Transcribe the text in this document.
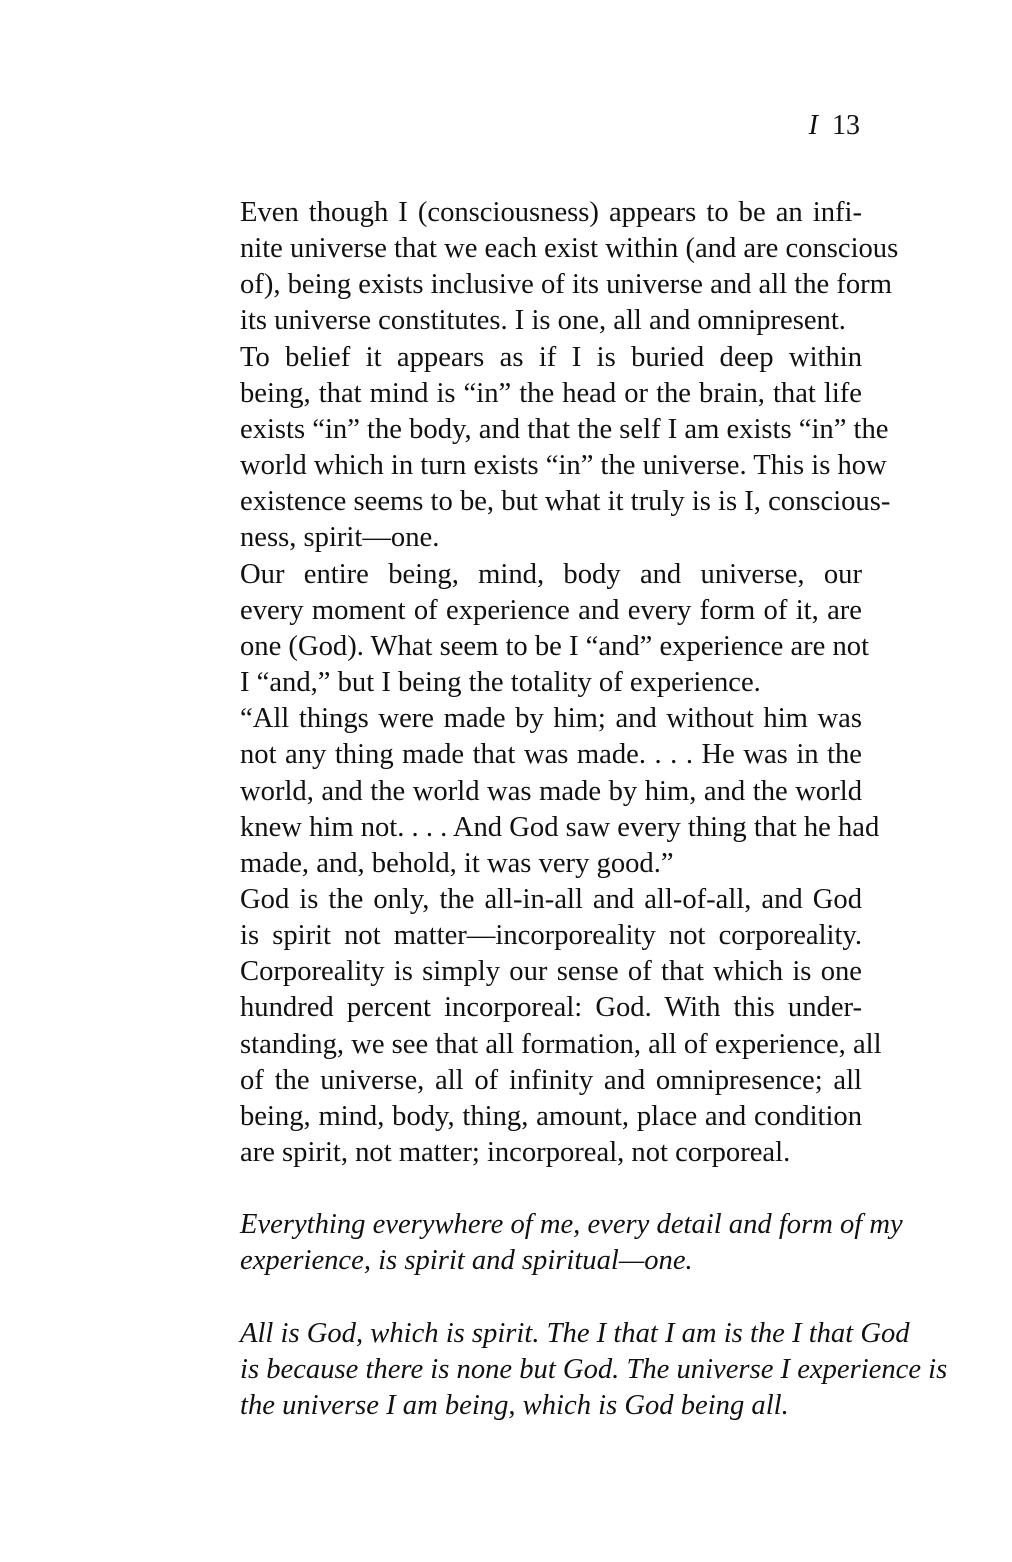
I 13

Even though I (consciousness) appears to be an infi-
nite universe that we each exist within (and are conscious
of), being exists inclusive of its universe and all the form
its universe constitutes. I is one, all and omnipresent.

To belief it appears as if I is buried deep within
being, that mind is “in” the head or the brain, that life
exists “in” the body, and that the self I am exists “in” the
world which in turn exists “in” the universe. This is how
existence seems to be, but what it truly is is I, conscious-
ness, spirit—one.

Our entire being, mind, body and universe, our
every moment of experience and every form of it, are
one (God). What seem to be I “and” experience are not
I “and,” but I being the totality of experience.

“All things were made by him; and without him was
not any thing made that was made. . . . He was in the
world, and the world was made by him, and the world
knew him not. . . . And God saw every thing that he had
made, and, behold, it was very good.”

God is the only, the all-in-all and all-of-all, and God
is spirit not matter—incorporeality not corporeality.
Corporeality is simply our sense of that which is one
hundred percent incorporeal: God. With this under-
standing, we see that all formation, all of experience, all
of the universe, all of infinity and omnipresence; all
being, mind, body, thing, amount, place and condition
are spirit, not matter; incorporeal, not corporeal.

Everything everywhere of me, every detail and form of my
experience, is spirit and spiritual—one.

All is God, which is spirit. The I that I am is the I that God
is because there is none but God. The universe I experience is
the universe I am being, which is God being all.
